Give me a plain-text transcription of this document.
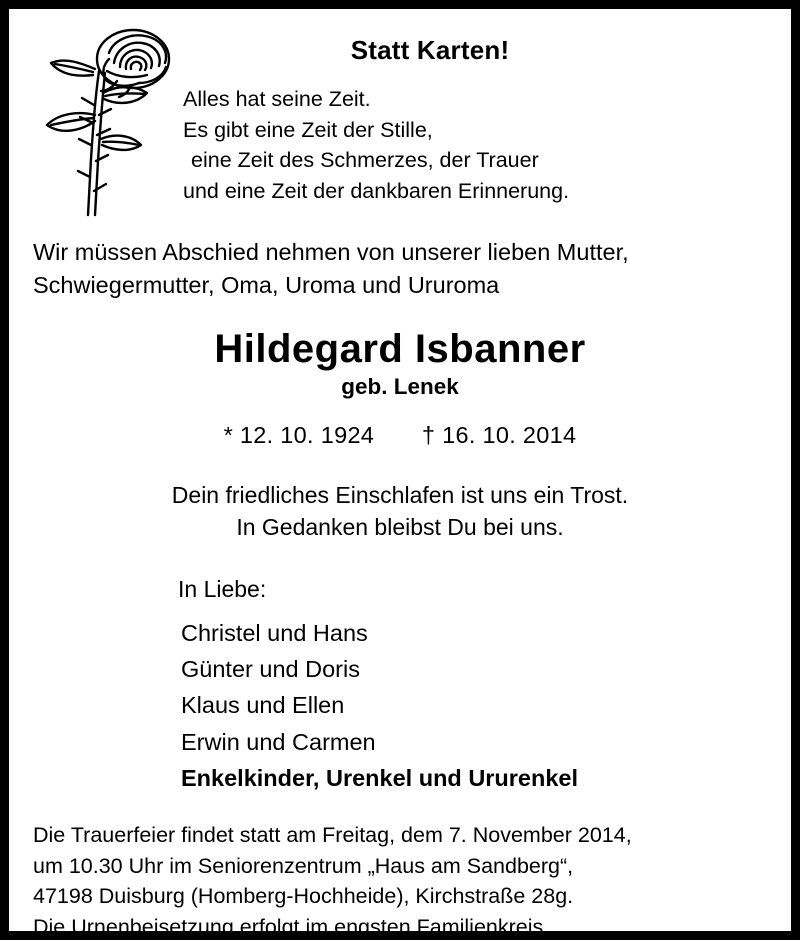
Statt Karten!
Alles hat seine Zeit.
Es gibt eine Zeit der Stille,
eine Zeit des Schmerzes, der Trauer
und eine Zeit der dankbaren Erinnerung.
Wir müssen Abschied nehmen von unserer lieben Mutter,
Schwiegermutter, Oma, Uroma und Ururoma
Hildegard Isbanner
geb. Lenek
* 12. 10. 1924 † 16. 10. 2014
Dein friedliches Einschlafen ist uns ein Trost.
In Gedanken bleibst Du bei uns.
In Liebe:
Christel und Hans
Günter und Doris
Klaus und Ellen
Erwin und Carmen
Enkelkinder, Urenkel und Ururenkel
Die Trauerfeier findet statt am Freitag, dem 7. November 2014,
um 10.30 Uhr im Seniorenzentrum „Haus am Sandberg“,
47198 Duisburg (Homberg-Hochheide), Kirchstraße 28g.
Die Urnenbeisetzung erfolgt im engsten Familienkreis.
